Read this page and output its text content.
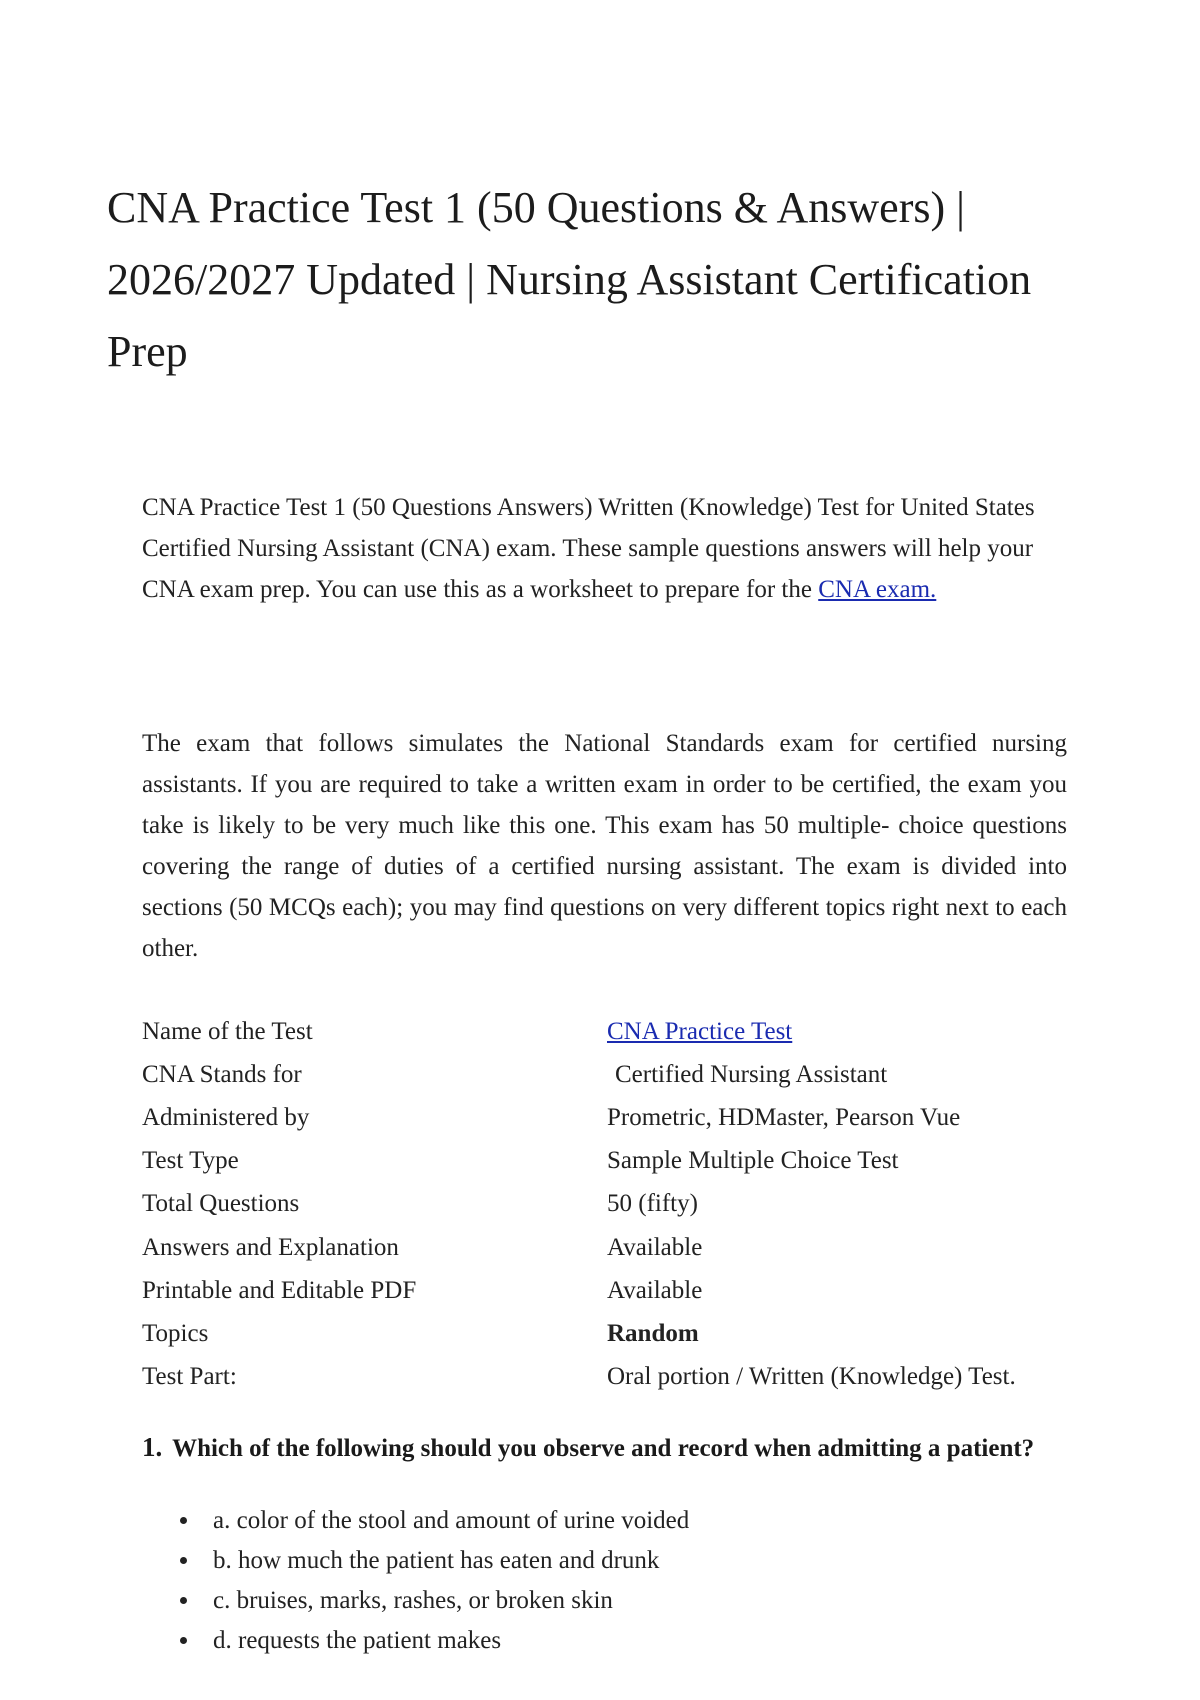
CNA Practice Test 1 (50 Questions & Answers) | 2026/2027 Updated | Nursing Assistant Certification Prep

CNA Practice Test 1 (50 Questions Answers) Written (Knowledge) Test for United States Certified Nursing Assistant (CNA) exam. These sample questions answers will help your CNA exam prep. You can use this as a worksheet to prepare for the CNA exam.

The exam that follows simulates the National Standards exam for certified nursing assistants. If you are required to take a written exam in order to be certified, the exam you take is likely to be very much like this one. This exam has 50 multiple- choice questions covering the range of duties of a certified nursing assistant. The exam is divided into sections (50 MCQs each); you may find questions on very different topics right next to each other.

Name of the Test	CNA Practice Test
CNA Stands for	Certified Nursing Assistant
Administered by	Prometric, HDMaster, Pearson Vue
Test Type	Sample Multiple Choice Test
Total Questions	50 (fifty)
Answers and Explanation	Available
Printable and Editable PDF	Available
Topics	Random
Test Part:	Oral portion / Written (Knowledge) Test.

1. Which of the following should you observe and record when admitting a patient?

a. color of the stool and amount of urine voided
b. how much the patient has eaten and drunk
c. bruises, marks, rashes, or broken skin
d. requests the patient makes
